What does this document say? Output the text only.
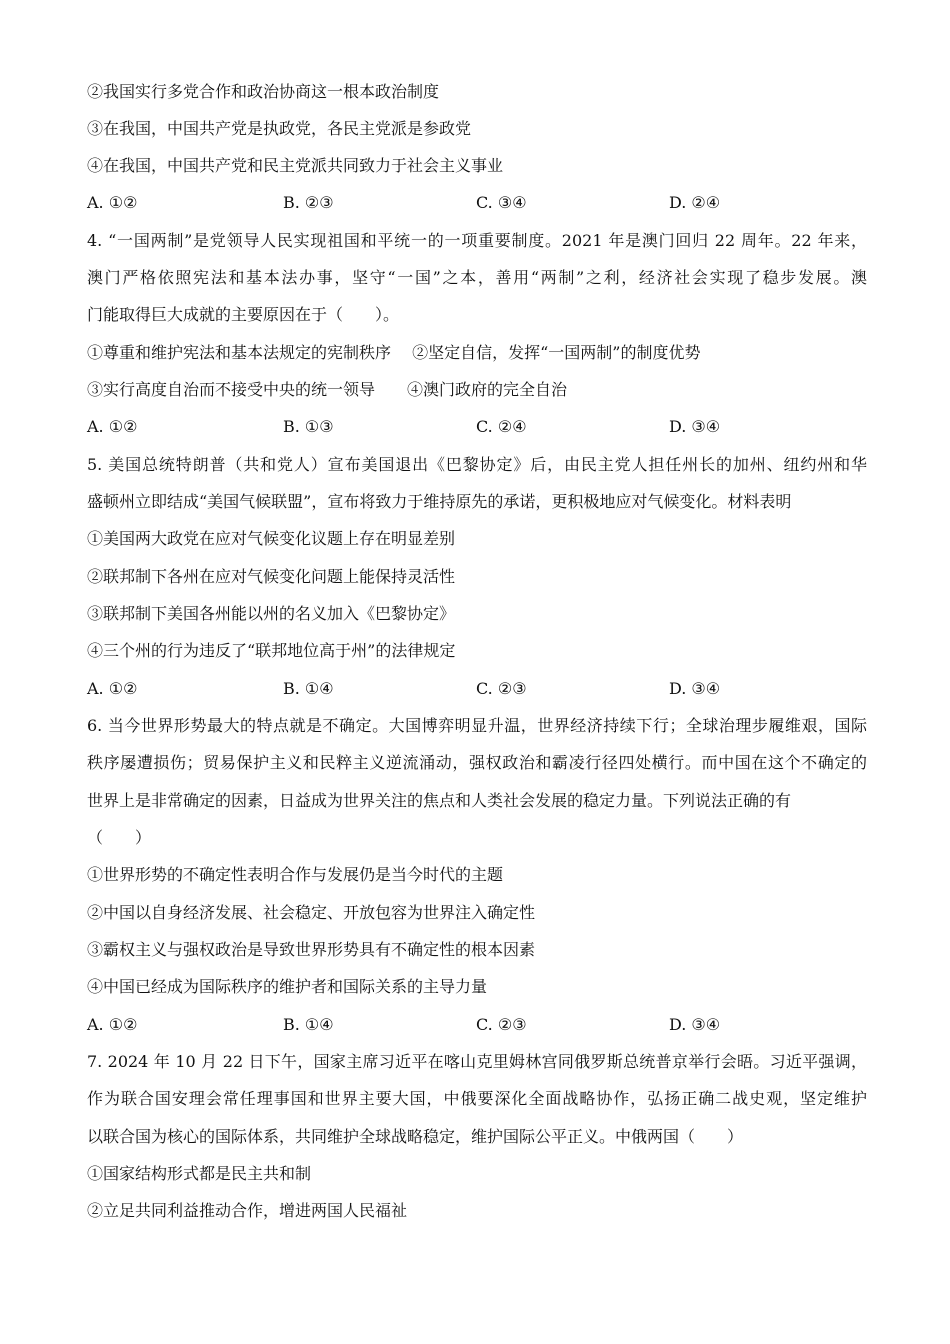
②我国实行多党合作和政治协商这一根本政治制度
③在我国，中国共产党是执政党，各民主党派是参政党
④在我国，中国共产党和民主党派共同致力于社会主义事业
A. ①②	B. ②③	C. ③④	D. ②④
4. “一国两制”是党领导人民实现祖国和平统一的一项重要制度。2021 年是澳门回归 22 周年。22 年来，
澳门严格依照宪法和基本法办事，坚守“一国”之本，善用“两制”之利，经济社会实现了稳步发展。澳
门能取得巨大成就的主要原因在于（　　）。
①尊重和维护宪法和基本法规定的宪制秩序　 ②坚定自信，发挥“一国两制”的制度优势
③实行高度自治而不接受中央的统一领导　　④澳门政府的完全自治
A. ①②	B. ①③	C. ②④	D. ③④
5. 美国总统特朗普（共和党人）宣布美国退出《巴黎协定》后，由民主党人担任州长的加州、纽约州和华
盛顿州立即结成“美国气候联盟”，宣布将致力于维持原先的承诺，更积极地应对气候变化。材料表明
①美国两大政党在应对气候变化议题上存在明显差别
②联邦制下各州在应对气候变化问题上能保持灵活性
③联邦制下美国各州能以州的名义加入《巴黎协定》
④三个州的行为违反了“联邦地位高于州”的法律规定
A. ①②	B. ①④	C. ②③	D. ③④
6. 当今世界形势最大的特点就是不确定。大国博弈明显升温，世界经济持续下行；全球治理步履维艰，国际
秩序屡遭损伤；贸易保护主义和民粹主义逆流涌动，强权政治和霸凌行径四处横行。而中国在这个不确定的
世界上是非常确定的因素，日益成为世界关注的焦点和人类社会发展的稳定力量。下列说法正确的有
（　　）
①世界形势的不确定性表明合作与发展仍是当今时代的主题
②中国以自身经济发展、社会稳定、开放包容为世界注入确定性
③霸权主义与强权政治是导致世界形势具有不确定性的根本因素
④中国已经成为国际秩序的维护者和国际关系的主导力量
A. ①②	B. ①④	C. ②③	D. ③④
7. 2024 年 10 月 22 日下午，国家主席习近平在喀山克里姆林宫同俄罗斯总统普京举行会晤。习近平强调，
作为联合国安理会常任理事国和世界主要大国，中俄要深化全面战略协作，弘扬正确二战史观，坚定维护
以联合国为核心的国际体系，共同维护全球战略稳定，维护国际公平正义。中俄两国（　　）
①国家结构形式都是民主共和制
②立足共同利益推动合作，增进两国人民福祉
